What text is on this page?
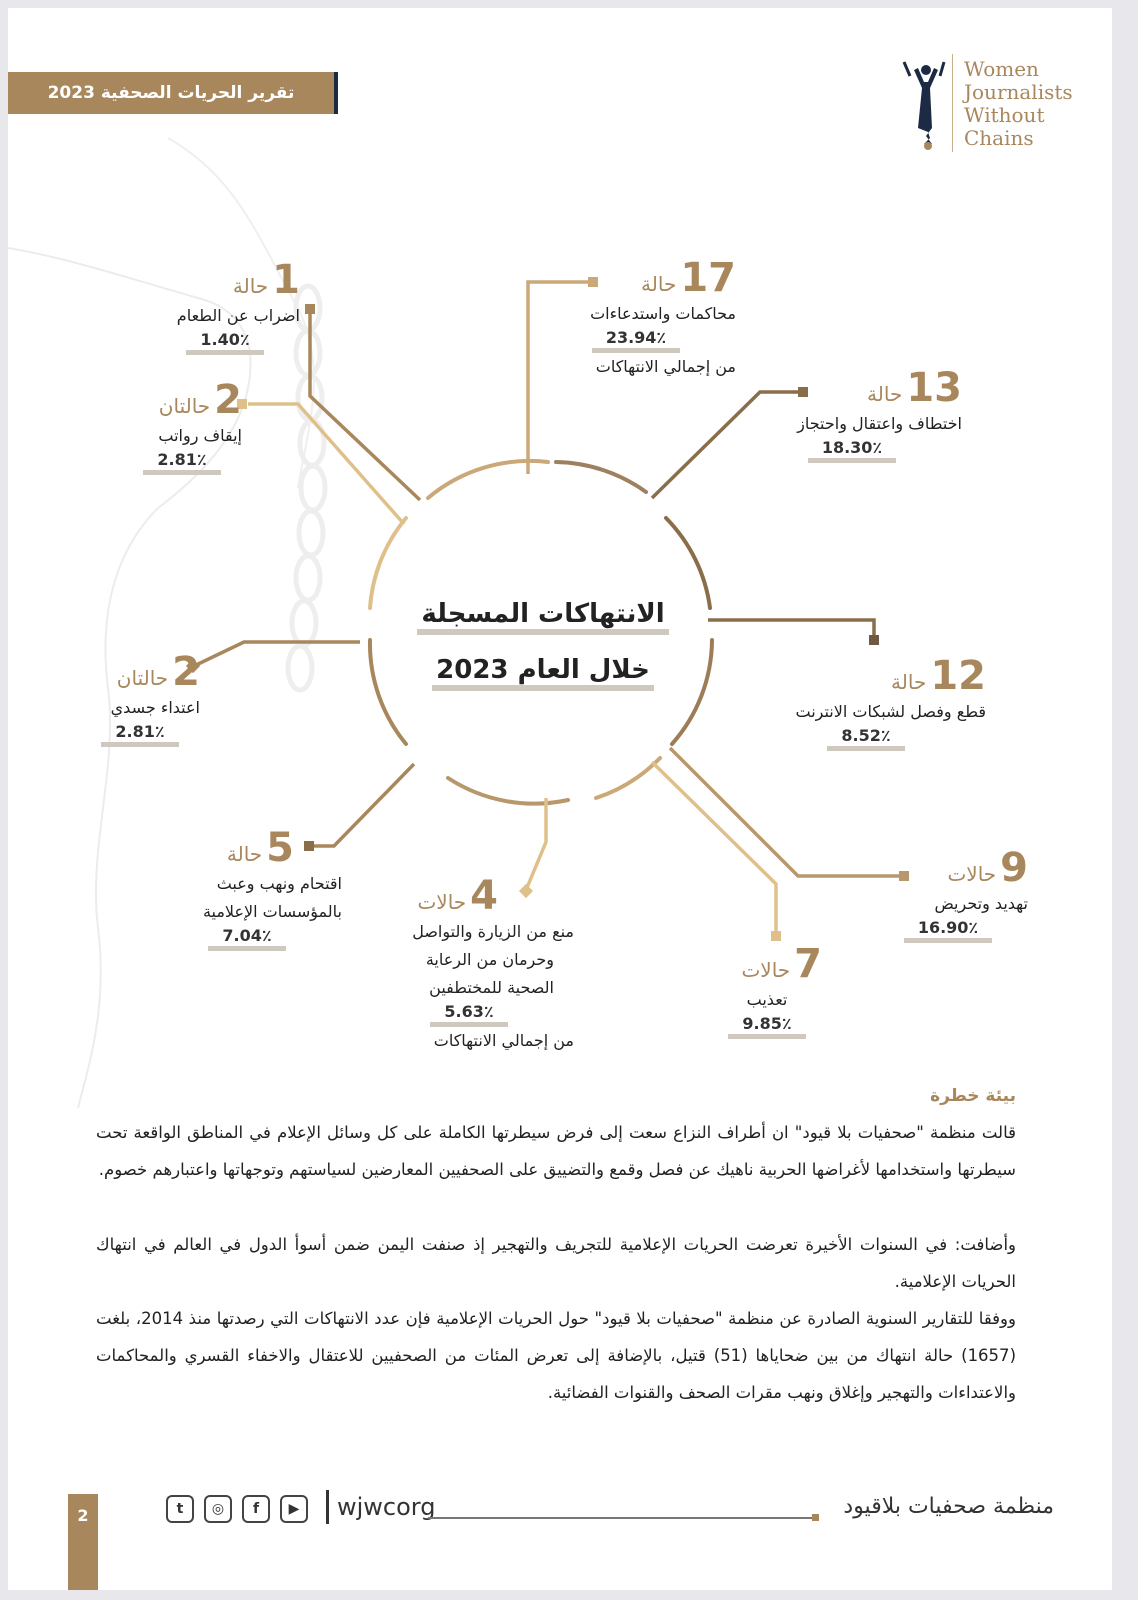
تقرير الحريات الصحفية 2023
Women
Journalists
Without
Chains
الانتهاكات المسجلة
خلال العام 2023
17حالة
محاكمات واستدعاءات
23.94٪
من إجمالي الانتهاكات	13حالة
اختطاف واعتقال واحتجاز
18.30٪
12حالة
قطع وفصل لشبكات الانترنت
8.52٪
9حالات
تهديد وتحريض
16.90٪
7حالات
تعذيب
9.85٪
4حالات
منع من الزيارة والتواصل
وحرمان من الرعاية
الصحية للمختطفين
5.63٪
من إجمالي الانتهاكات
5حالة
اقتحام ونهب وعبث
بالمؤسسات الإعلامية
7.04٪
2حالتان
اعتداء جسدي
2.81٪
2حالتان
إيقاف رواتب
2.81٪
1حالة
اضراب عن الطعام
1.40٪
بيئة خطرة
قالت منظمة "صحفيات بلا قيود" ان أطراف النزاع سعت إلى فرض سيطرتها الكاملة على كل وسائل الإعلام في المناطق الواقعة تحت سيطرتها واستخدامها لأغراضها الحربية ناهيك عن فصل وقمع والتضييق على الصحفيين المعارضين لسياستهم وتوجهاتها واعتبارهم خصوم.
وأضافت: في السنوات الأخيرة تعرضت الحريات الإعلامية للتجريف والتهجير إذ صنفت اليمن ضمن أسوأ الدول في العالم في انتهاك الحريات الإعلامية.
ووفقا للتقارير السنوية الصادرة عن منظمة "صحفيات بلا قيود" حول الحريات الإعلامية فإن عدد الانتهاكات التي رصدتها منذ 2014، بلغت (1657) حالة انتهاك من بين ضحاياها (51) قتيل، بالإضافة إلى تعرض المئات من الصحفيين للاعتقال والاخفاء القسري والمحاكمات والاعتداءات والتهجير وإغلاق ونهب مقرات الصحف والقنوات الفضائية.
2	t ◎ f ▶	wjwcorg	منظمة صحفيات بلاقيود
